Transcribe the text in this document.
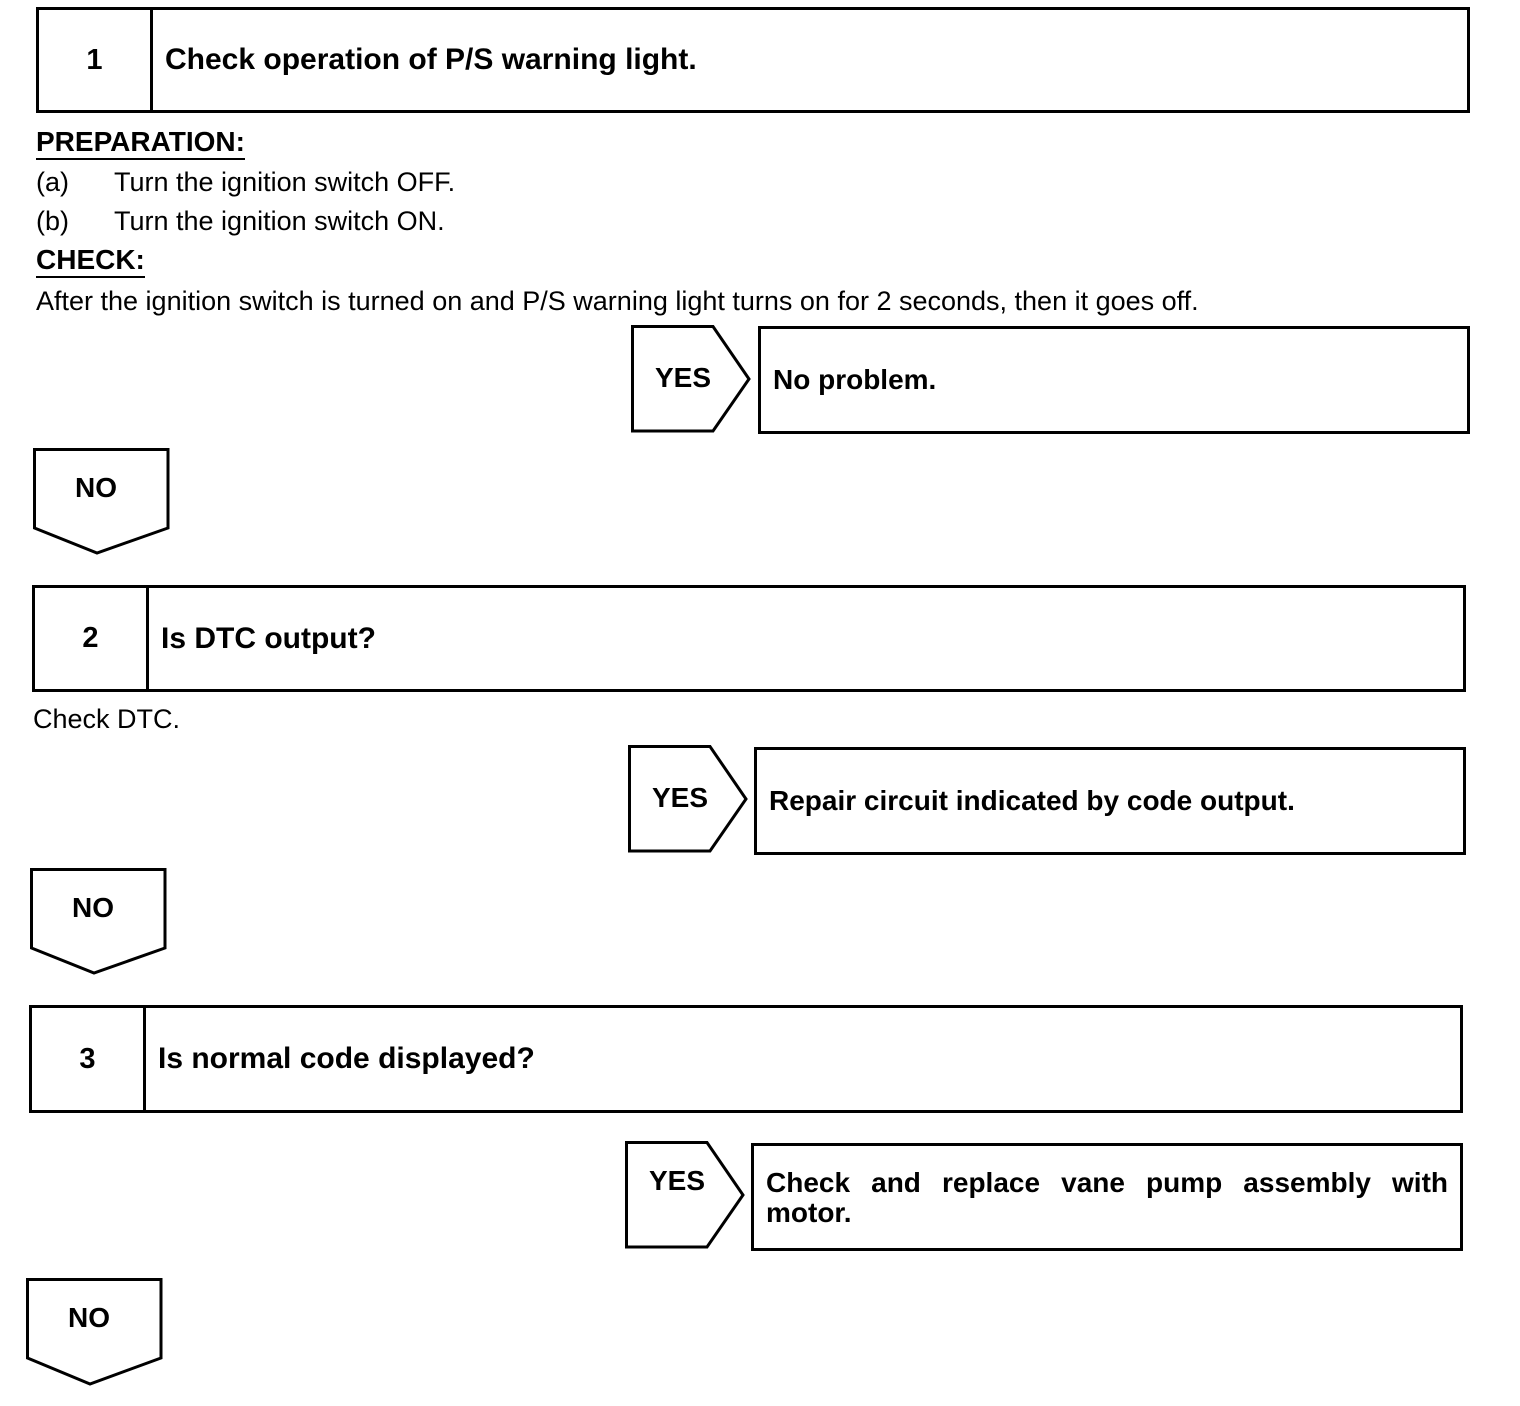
1	Check operation of P/S warning light.
PREPARATION:
(a) Turn the ignition switch OFF.
(b) Turn the ignition switch ON.
CHECK:
After the ignition switch is turned on and P/S warning light turns on for 2 seconds, then it goes off.
YES	No problem.
NO
2	Is DTC output?
Check DTC.
YES	Repair circuit indicated by code output.
NO
3	Is normal code displayed?
YES Check and replace vane pump assembly with
motor.
NO
